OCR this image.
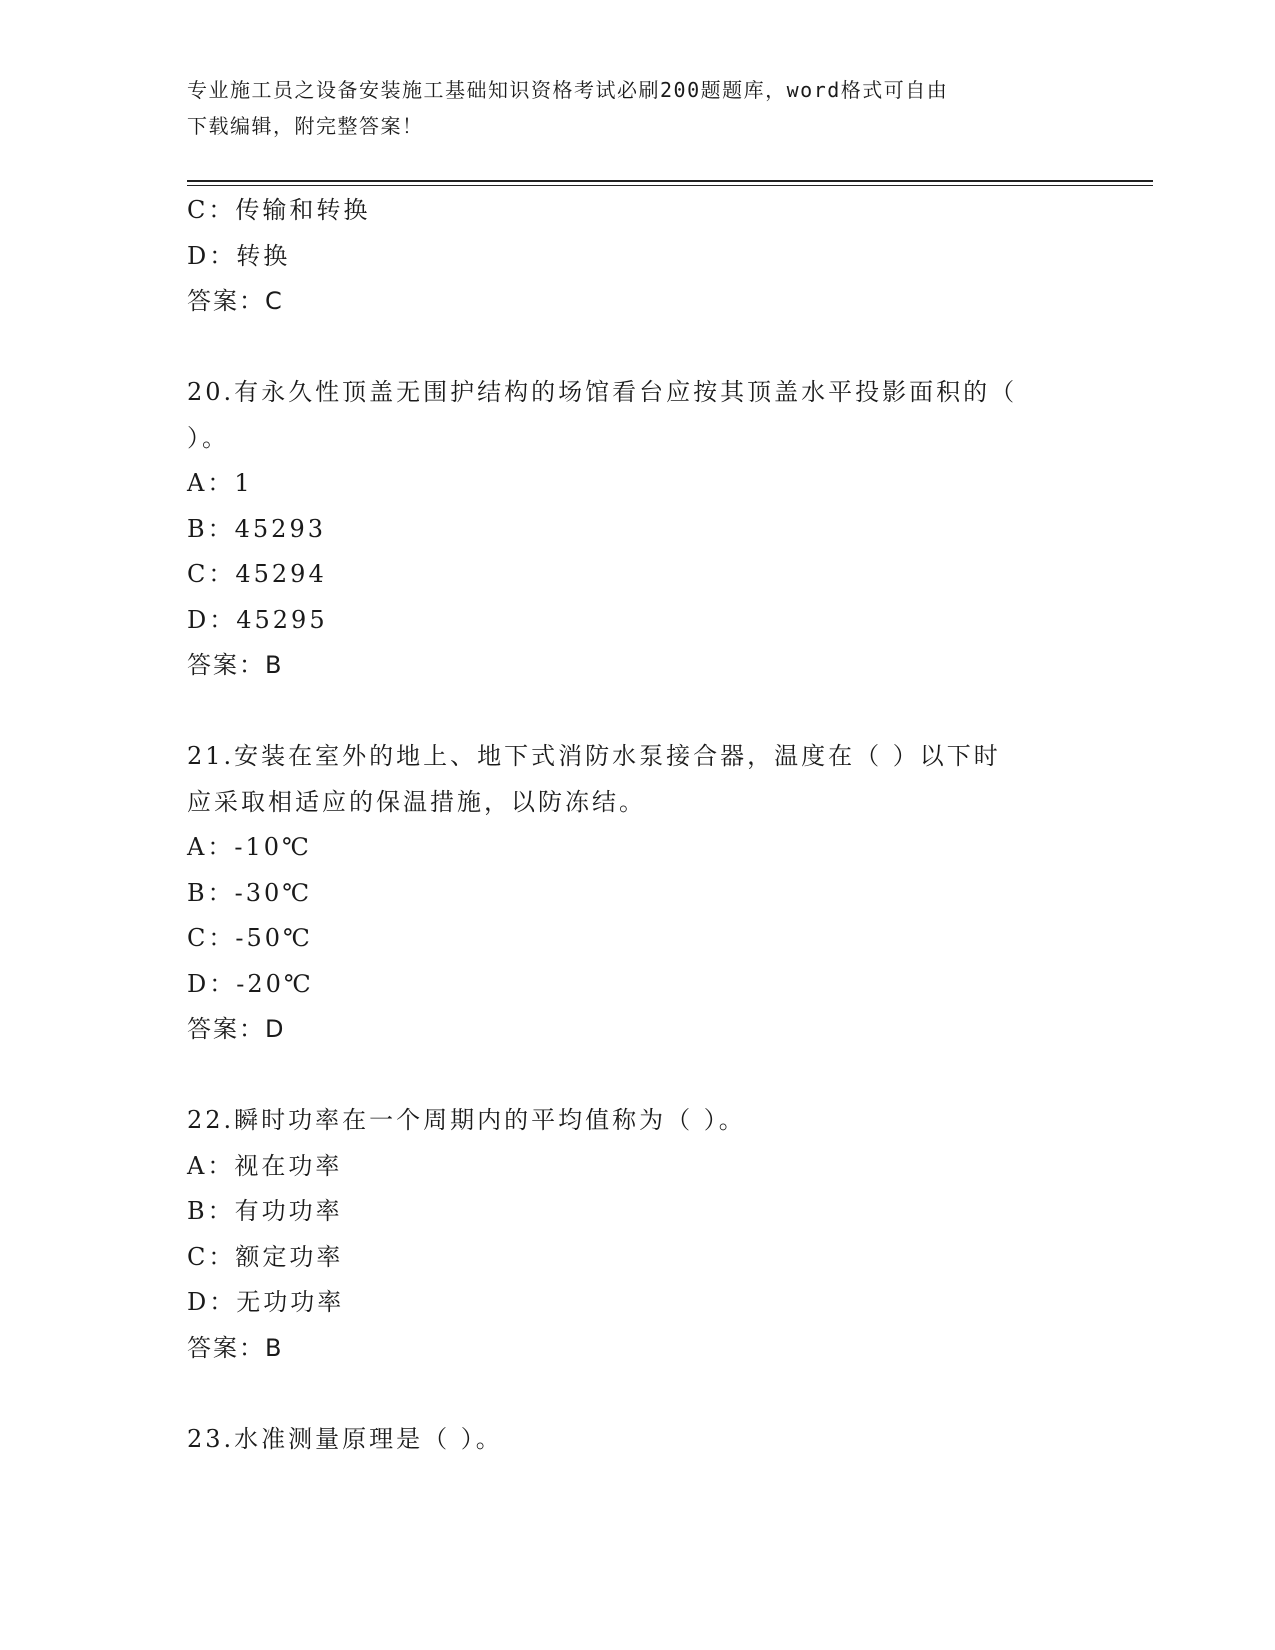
专业施工员之设备安装施工基础知识资格考试必刷200题题库，word格式可自由
下载编辑，附完整答案！
C：传输和转换
D：转换
答案：C
20.有永久性顶盖无围护结构的场馆看台应按其顶盖水平投影面积的（
）。
A：1
B：45293
C：45294
D：45295
答案：B
21.安装在室外的地上、地下式消防水泵接合器，温度在（ ）以下时
应采取相适应的保温措施，以防冻结。
A：-10℃
B：-30℃
C：-50℃
D：-20℃
答案：D
22.瞬时功率在一个周期内的平均值称为（ ）。
A：视在功率
B：有功功率
C：额定功率
D：无功功率
答案：B
23.水准测量原理是（ ）。
